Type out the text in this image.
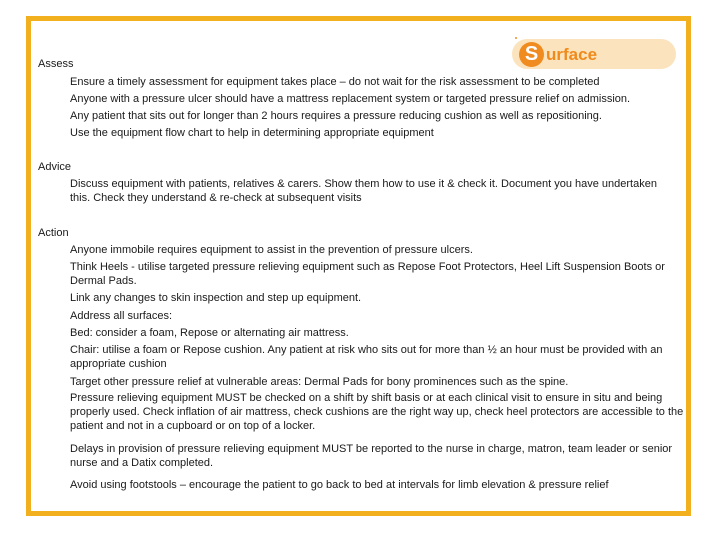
S urface
Assess
Ensure a timely assessment for equipment takes place – do not wait for the risk assessment to be completed
Anyone with a pressure ulcer should have a mattress replacement system or targeted pressure relief on admission.
Any patient that sits out for longer than 2 hours requires a pressure reducing cushion as well as repositioning.
Use the equipment flow chart to help in determining appropriate equipment
Advice
Discuss equipment with patients, relatives & carers. Show them how to use it & check it. Document you have undertaken this. Check they understand & re-check at subsequent visits
Action
Anyone immobile requires equipment to assist in the prevention of pressure ulcers.
Think Heels - utilise targeted pressure relieving equipment such as Repose Foot Protectors, Heel Lift Suspension Boots or Dermal Pads.
Link any changes to skin inspection and step up equipment.
Address all surfaces:
Bed: consider a foam, Repose or alternating air mattress.
Chair: utilise a foam or Repose cushion. Any patient at risk who sits out for more than ½ an hour must be provided with an appropriate cushion
Target other pressure relief at vulnerable areas: Dermal Pads for bony prominences such as the spine.
Pressure relieving equipment MUST be checked on a shift by shift basis or at each clinical visit to ensure in situ and being properly used. Check inflation of air mattress, check cushions are the right way up, check heel protectors are accessible to the patient and not in a cupboard or on top of a locker.
Delays in provision of pressure relieving equipment MUST be reported to the nurse in charge, matron, team leader or senior nurse and a Datix completed.
Avoid using footstools – encourage the patient to go back to bed at intervals for limb elevation & pressure relief
